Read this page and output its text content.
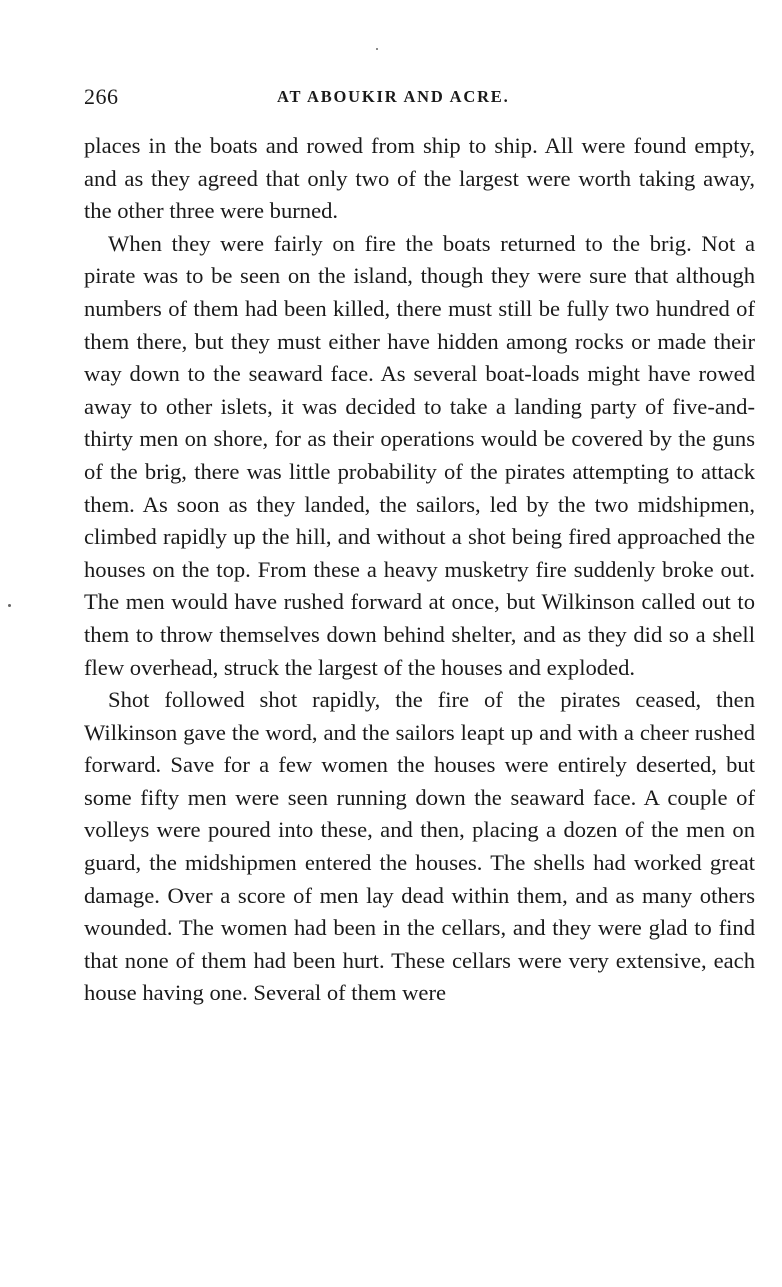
266	AT ABOUKIR AND ACRE.

places in the boats and rowed from ship to ship. All were found empty, and as they agreed that only two of the largest were worth taking away, the other three were burned.

When they were fairly on fire the boats returned to the brig. Not a pirate was to be seen on the island, though they were sure that although numbers of them had been killed, there must still be fully two hundred of them there, but they must either have hidden among rocks or made their way down to the seaward face. As several boat-loads might have rowed away to other islets, it was decided to take a landing party of five-and-thirty men on shore, for as their operations would be covered by the guns of the brig, there was little probability of the pirates attempting to attack them. As soon as they landed, the sailors, led by the two midshipmen, climbed rapidly up the hill, and without a shot being fired approached the houses on the top. From these a heavy musketry fire suddenly broke out. The men would have rushed forward at once, but Wilkinson called out to them to throw themselves down behind shelter, and as they did so a shell flew overhead, struck the largest of the houses and exploded.

Shot followed shot rapidly, the fire of the pirates ceased, then Wilkinson gave the word, and the sailors leapt up and with a cheer rushed forward. Save for a few women the houses were entirely deserted, but some fifty men were seen running down the seaward face. A couple of volleys were poured into these, and then, placing a dozen of the men on guard, the midshipmen entered the houses. The shells had worked great damage. Over a score of men lay dead within them, and as many others wounded. The women had been in the cellars, and they were glad to find that none of them had been hurt. These cellars were very extensive, each house having one. Several of them were
